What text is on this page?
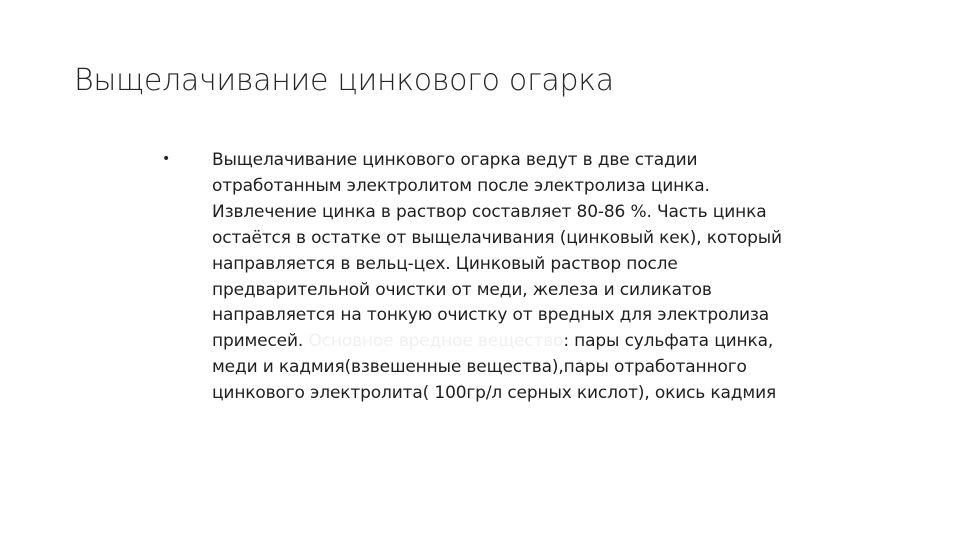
Выщелачивание цинкового огарка
• Выщелачивание цинкового огарка ведут в две стадии отработанным электролитом после электролиза цинка. Извлечение цинка в раствор составляет 80-86 %. Часть цинка остаётся в остатке от выщелачивания (цинковый кек), который направляется в вельц-цех. Цинковый раствор после предварительной очистки от меди, железа и силикатов направляется на тонкую очистку от вредных для электролиза примесей. Основное вредное вещество: пары сульфата цинка, меди и кадмия(взвешенные вещества),пары отработанного цинкового электролита( 100гр/л серных кислот), окись кадмия
